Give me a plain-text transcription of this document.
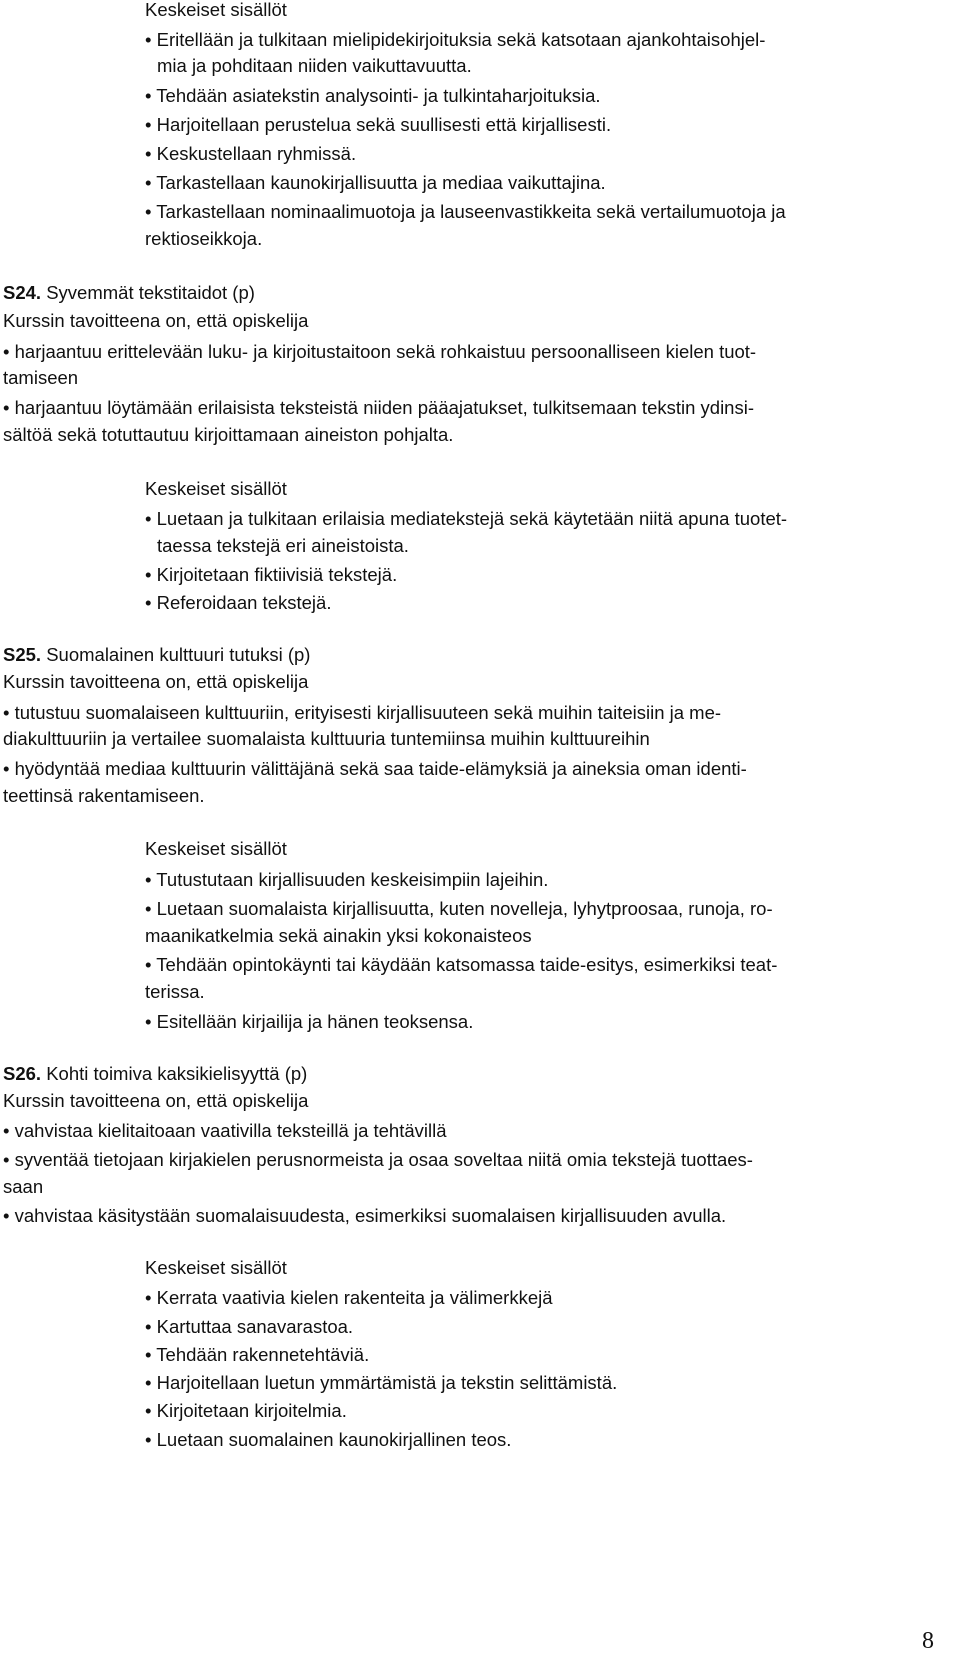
Keskeiset sisällöt
• Eritellään ja tulkitaan mielipidekirjoituksia sekä katsotaan ajankohtaisohjel-
mia ja pohditaan niiden vaikuttavuutta.
• Tehdään asiatekstin analysointi- ja tulkintaharjoituksia.
• Harjoitellaan perustelua sekä suullisesti että kirjallisesti.
• Keskustellaan ryhmissä.
• Tarkastellaan kaunokirjallisuutta ja mediaa vaikuttajina.
• Tarkastellaan nominaalimuotoja ja lauseenvastikkeita sekä vertailumuotoja ja
rektioseikkoja.
S24. Syvemmät tekstitaidot (p)
Kurssin tavoitteena on, että opiskelija
• harjaantuu erittelevään luku- ja kirjoitustaitoon sekä rohkaistuu persoonalliseen kielen tuot-
tamiseen
• harjaantuu löytämään erilaisista teksteistä niiden pääajatukset, tulkitsemaan tekstin ydinsi-
sältöä sekä totuttautuu kirjoittamaan aineiston pohjalta.
Keskeiset sisällöt
• Luetaan ja tulkitaan erilaisia mediatekstejä sekä käytetään niitä apuna tuotet-
taessa tekstejä eri aineistoista.
• Kirjoitetaan fiktiivisiä tekstejä.
• Referoidaan tekstejä.
S25. Suomalainen kulttuuri tutuksi (p)
Kurssin tavoitteena on, että opiskelija
• tutustuu suomalaiseen kulttuuriin, erityisesti kirjallisuuteen sekä muihin taiteisiin ja me-
diakulttuuriin ja vertailee suomalaista kulttuuria tuntemiinsa muihin kulttuureihin
• hyödyntää mediaa kulttuurin välittäjänä sekä saa taide-elämyksiä ja aineksia oman identi-
teettinsä rakentamiseen.
Keskeiset sisällöt
• Tutustutaan kirjallisuuden keskeisimpiin lajeihin.
• Luetaan suomalaista kirjallisuutta, kuten novelleja, lyhytproosaa, runoja, ro-
maanikatkelmia sekä ainakin yksi kokonaisteos
• Tehdään opintokäynti tai käydään katsomassa taide-esitys, esimerkiksi teat-
terissa.
• Esitellään kirjailija ja hänen teoksensa.
S26. Kohti toimiva kaksikielisyyttä (p)
Kurssin tavoitteena on, että opiskelija
• vahvistaa kielitaitoaan vaativilla teksteillä ja tehtävillä
• syventää tietojaan kirjakielen perusnormeista ja osaa soveltaa niitä omia tekstejä tuottaes-
saan
• vahvistaa käsitystään suomalaisuudesta, esimerkiksi suomalaisen kirjallisuuden avulla.
Keskeiset sisällöt
• Kerrata vaativia kielen rakenteita ja välimerkkejä
• Kartuttaa sanavarastoa.
• Tehdään rakennetehtäviä.
• Harjoitellaan luetun ymmärtämistä ja tekstin selittämistä.
• Kirjoitetaan kirjoitelmia.
• Luetaan suomalainen kaunokirjallinen teos.
8
